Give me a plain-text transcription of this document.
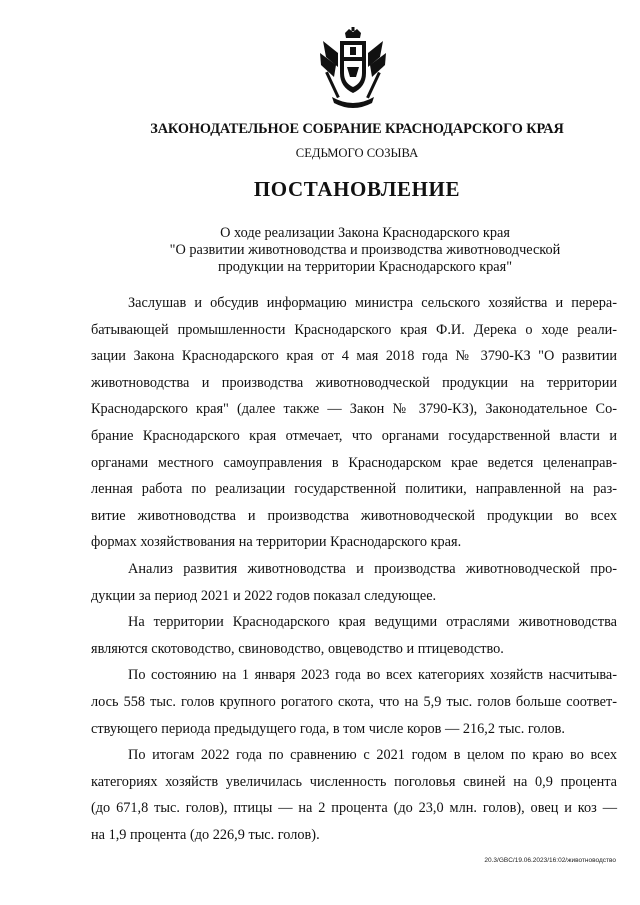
ЗАКОНОДАТЕЛЬНОЕ СОБРАНИЕ КРАСНОДАРСКОГО КРАЯ
СЕДЬМОГО СОЗЫВА
ПОСТАНОВЛЕНИЕ
О ходе реализации Закона Краснодарского края
"О развитии животноводства и производства животноводческой
продукции на территории Краснодарского края"
Заслушав и обсудив информацию министра сельского хозяйства и перера-
батывающей промышленности Краснодарского края Ф.И. Дерека о ходе реали-
зации Закона Краснодарского края от 4 мая 2018 года № 3790-КЗ "О развитии
животноводства и производства животноводческой продукции на территории
Краснодарского края" (далее также — Закон № 3790-КЗ), Законодательное Со-
брание Краснодарского края отмечает, что органами государственной власти и
органами местного самоуправления в Краснодарском крае ведется целенаправ-
ленная работа по реализации государственной политики, направленной на раз-
витие животноводства и производства животноводческой продукции во всех
формах хозяйствования на территории Краснодарского края.
Анализ развития животноводства и производства животноводческой про-
дукции за период 2021 и 2022 годов показал следующее.
На территории Краснодарского края ведущими отраслями животноводства
являются скотоводство, свиноводство, овцеводство и птицеводство.
По состоянию на 1 января 2023 года во всех категориях хозяйств насчитыва-
лось 558 тыс. голов крупного рогатого скота, что на 5,9 тыс. голов больше соответ-
ствующего периода предыдущего года, в том числе коров — 216,2 тыс. голов.
По итогам 2022 года по сравнению с 2021 годом в целом по краю во всех
категориях хозяйств увеличилась численность поголовья свиней на 0,9 процента
(до 671,8 тыс. голов), птицы — на 2 процента (до 23,0 млн. голов), овец и коз —
на 1,9 процента (до 226,9 тыс. голов).
20.3/GBC/19.06.2023/16:02/животноводство
